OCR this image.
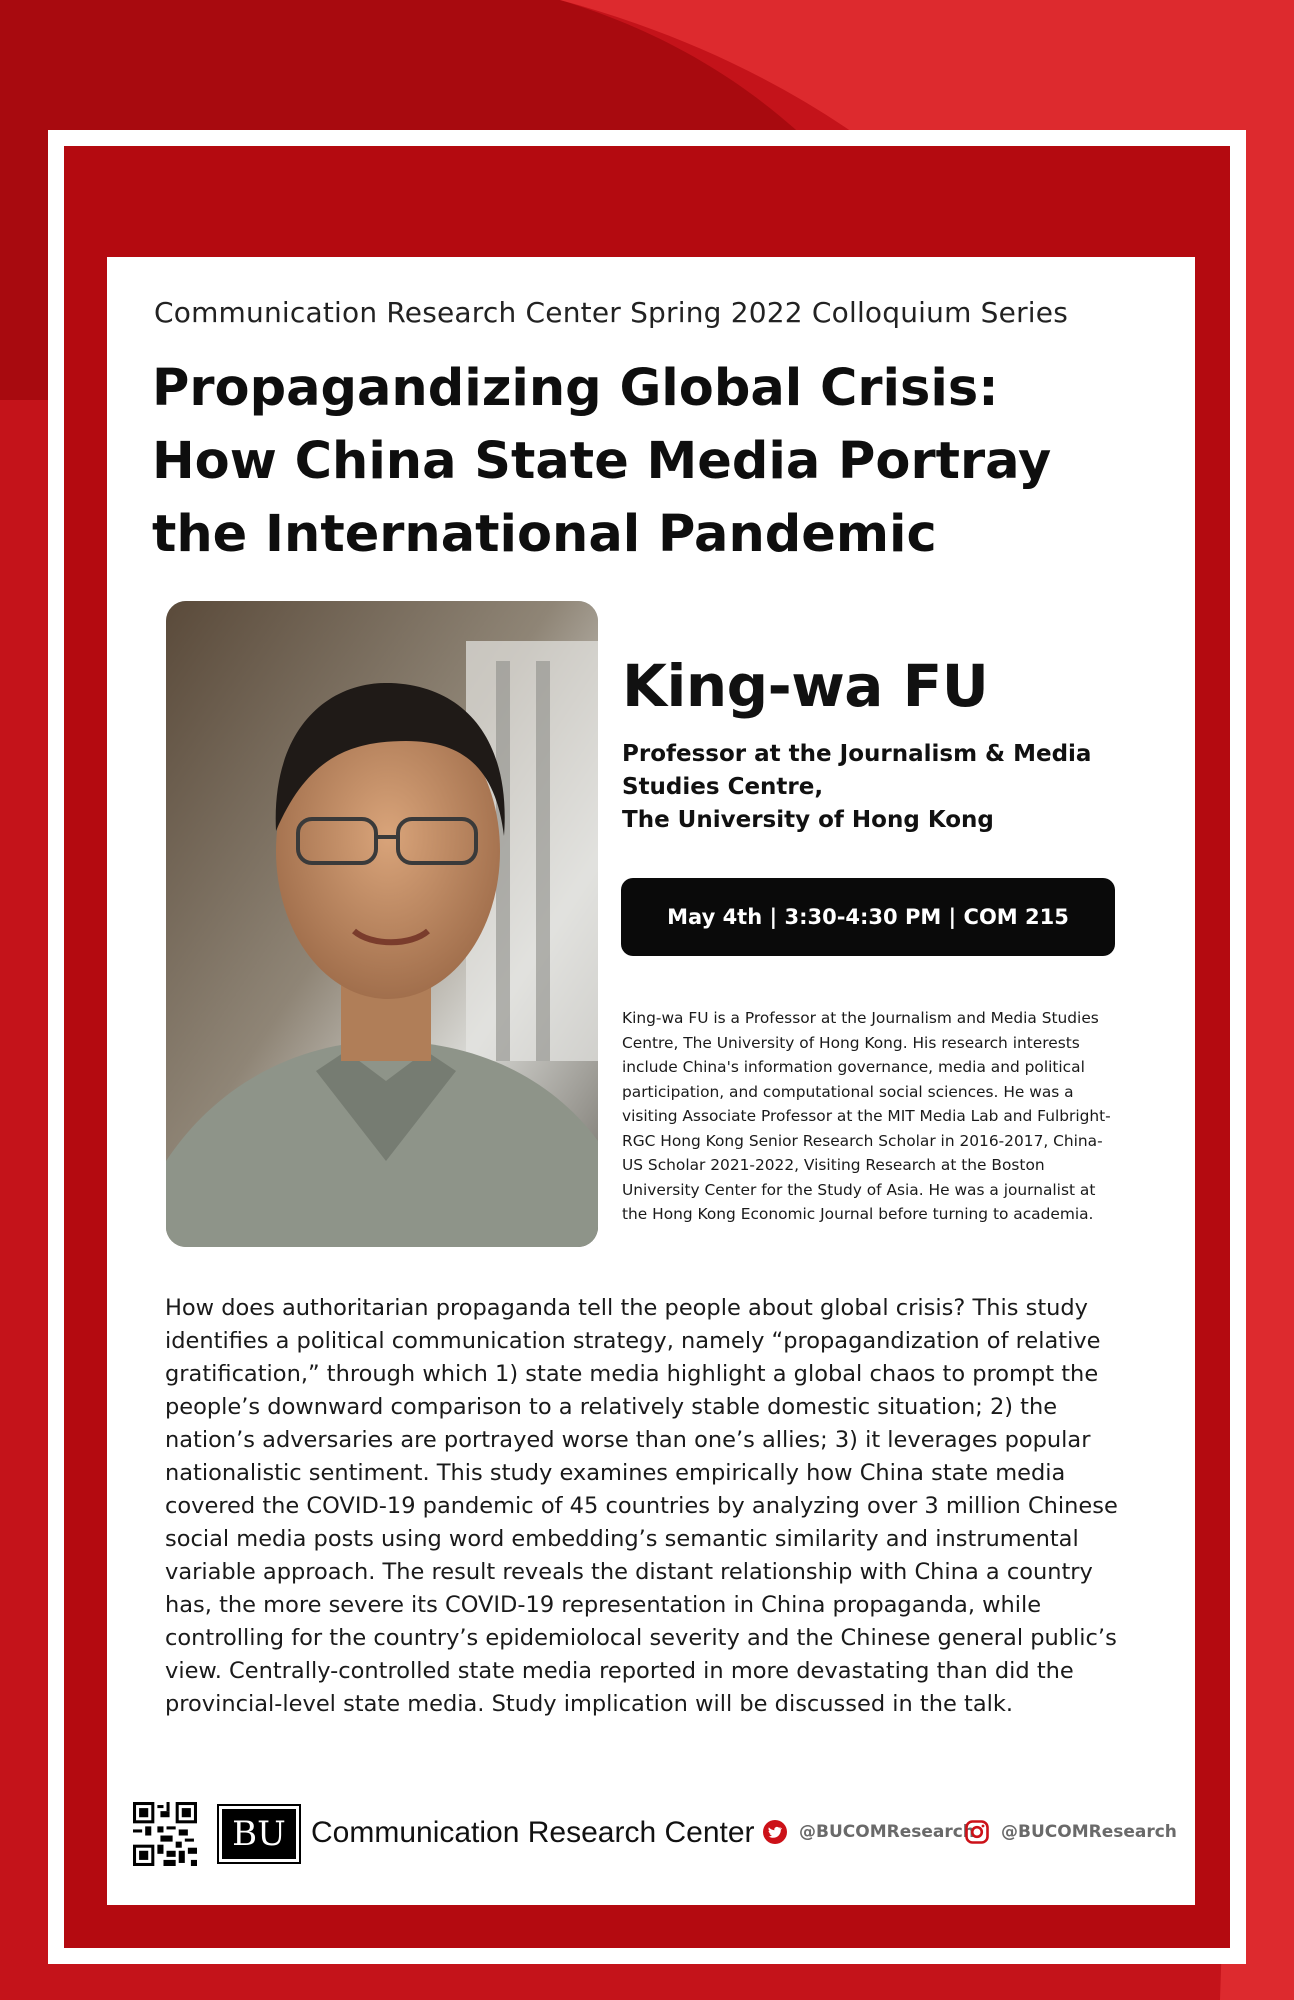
Communication Research Center Spring 2022 Colloquium Series
Propagandizing Global Crisis: How China State Media Portray the International Pandemic
King-wa FU

Professor at the Journalism & Media
Studies Centre,
The University of Hong Kong

May 4th | 3:30-4:30 PM | COM 215

King-wa FU is a Professor at the Journalism and Media Studies Centre, The University of Hong Kong. His research interests include China's information governance, media and political participation, and computational social sciences. He was a visiting Associate Professor at the MIT Media Lab and Fulbright-RGC Hong Kong Senior Research Scholar in 2016-2017, China-US Scholar 2021-2022, Visiting Research at the Boston University Center for the Study of Asia. He was a journalist at the Hong Kong Economic Journal before turning to academia.

How does authoritarian propaganda tell the people about global crisis? This study identifies a political communication strategy, namely “propagandization of relative gratification,” through which 1) state media highlight a global chaos to prompt the people’s downward comparison to a relatively stable domestic situation; 2) the nation’s adversaries are portrayed worse than one’s allies; 3) it leverages popular nationalistic sentiment. This study examines empirically how China state media covered the COVID-19 pandemic of 45 countries by analyzing over 3 million Chinese social media posts using word embedding’s semantic similarity and instrumental variable approach. The result reveals the distant relationship with China a country has, the more severe its COVID-19 representation in China propaganda, while controlling for the country’s epidemiolocal severity and the Chinese general public’s view. Centrally-controlled state media reported in more devastating than did the provincial-level state media. Study implication will be discussed in the talk.

BU Communication Research Center	@BUCOMResearch @BUCOMResearch
